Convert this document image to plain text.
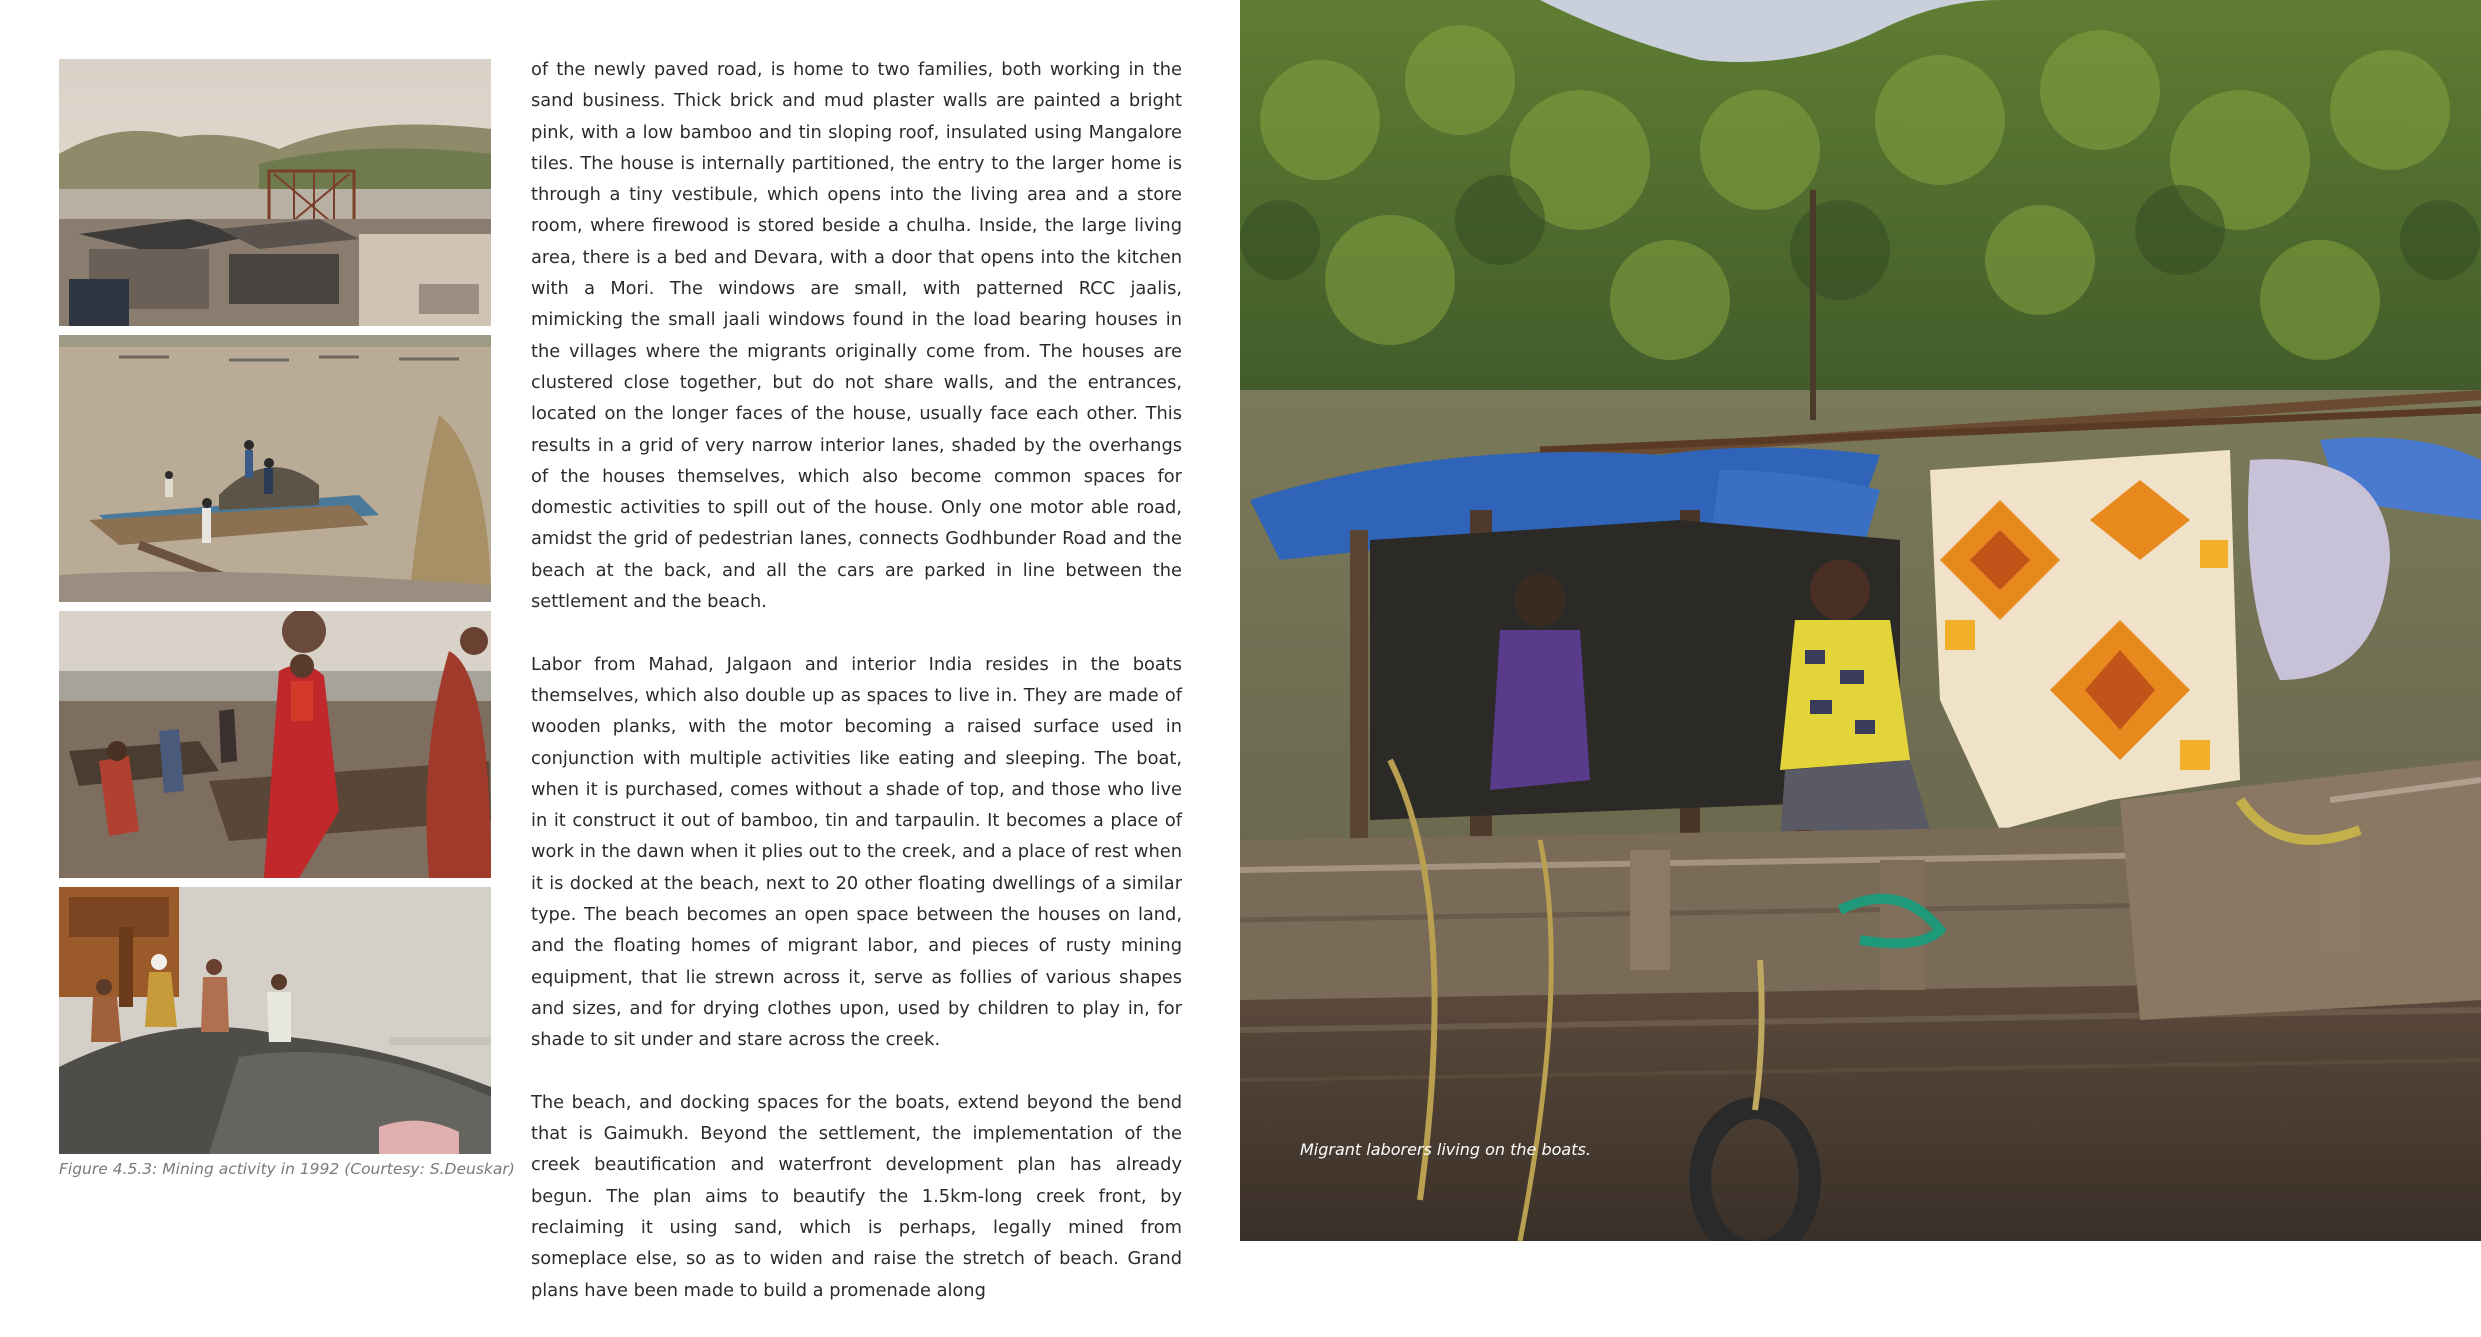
Figure 4.5.3: Mining activity in 1992 (Courtesy: S.Deuskar)

of the newly paved road, is home to two families, both working in the sand business. Thick brick and mud plaster walls are painted a bright pink, with a low bamboo and tin sloping roof, insulated using Mangalore tiles. The house is internally partitioned, the entry to the larger home is through a tiny vestibule, which opens into the living area and a store room, where firewood is stored beside a chulha. Inside, the large living area, there is a bed and Devara, with a door that opens into the kitchen with a Mori. The windows are small, with patterned RCC jaalis, mimicking the small jaali windows found in the load bearing houses in the villages where the migrants originally come from. The houses are clustered close together, but do not share walls, and the entrances, located on the longer faces of the house, usually face each other. This results in a grid of very narrow interior lanes, shaded by the overhangs of the houses themselves, which also become common spaces for domestic activities to spill out of the house. Only one motor able road, amidst the grid of pedestrian lanes, connects Godhbunder Road and the beach at the back, and all the cars are parked in line between the settlement and the beach.

Labor from Mahad, Jalgaon and interior India resides in the boats themselves, which also double up as spaces to live in. They are made of wooden planks, with the motor becoming a raised surface used in conjunction with multiple activities like eating and sleeping. The boat, when it is purchased, comes without a shade of top, and those who live in it construct it out of bamboo, tin and tarpaulin. It becomes a place of work in the dawn when it plies out to the creek, and a place of rest when it is docked at the beach, next to 20 other floating dwellings of a similar type. The beach becomes an open space between the houses on land, and the floating homes of migrant labor, and pieces of rusty mining equipment, that lie strewn across it, serve as follies of various shapes and sizes, and for drying clothes upon, used by children to play in, for shade to sit under and stare across the creek.

The beach, and docking spaces for the boats, extend beyond the bend that is Gaimukh. Beyond the settlement, the implementation of the creek beautification and waterfront development plan has already begun. The plan aims to beautify the 1.5km-long creek front, by reclaiming it using sand, which is perhaps, legally mined from someplace else, so as to widen and raise the stretch of beach. Grand plans have been made to build a promenade along

Migrant laborers living on the boats.
